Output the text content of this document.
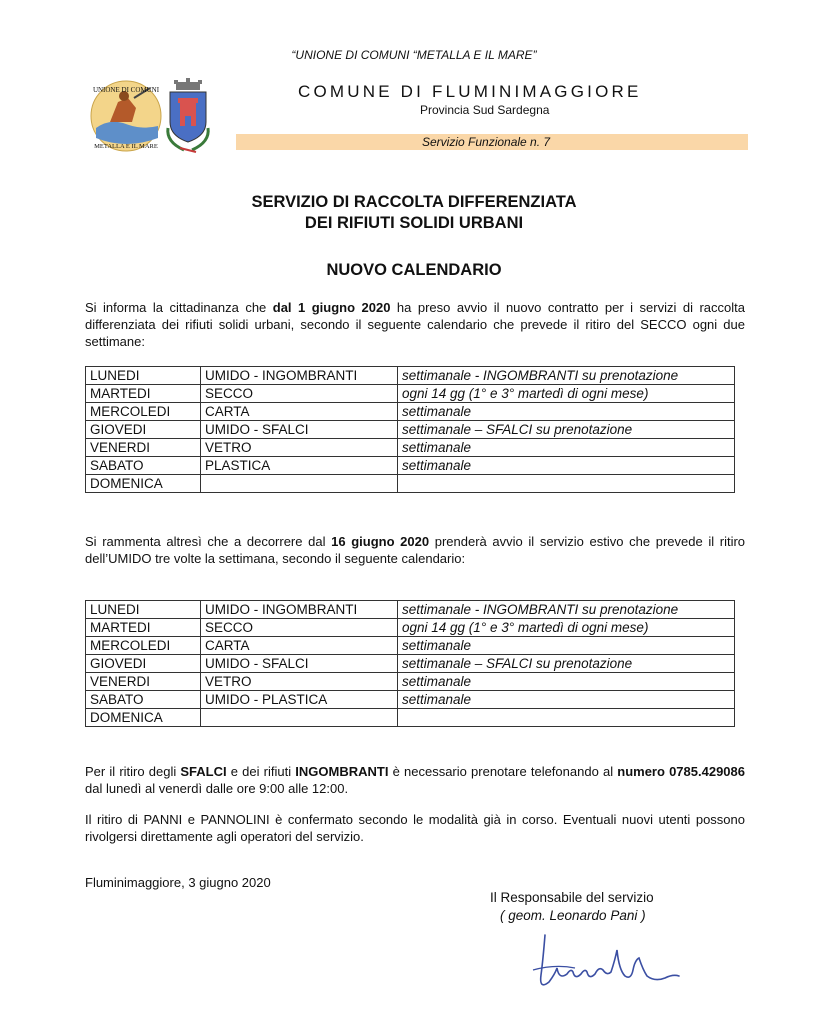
“UNIONE DI COMUNI “METALLA E IL MARE”
UNIONE DI COMUNI
METALLA E IL MARE
COMUNE DI FLUMINIMAGGIORE
Provincia Sud Sardegna
Servizio Funzionale n. 7
SERVIZIO DI RACCOLTA DIFFERENZIATA
DEI RIFIUTI SOLIDI URBANI
NUOVO CALENDARIO
Si informa la cittadinanza che dal 1 giugno 2020 ha preso avvio il nuovo contratto per i servizi di raccolta differenziata dei rifiuti solidi urbani, secondo il seguente calendario che prevede il ritiro del SECCO ogni due settimane:
LUNEDI	UMIDO - INGOMBRANTI	settimanale - INGOMBRANTI su prenotazione
MARTEDI	SECCO	ogni 14 gg (1° e 3° martedì di ogni mese)
MERCOLEDI	CARTA	settimanale
GIOVEDI	UMIDO - SFALCI	settimanale – SFALCI su prenotazione
VENERDI	VETRO	settimanale
SABATO	PLASTICA	settimanale
DOMENICA		
Si rammenta altresì che a decorrere dal 16 giugno 2020 prenderà avvio il servizio estivo che prevede il ritiro dell’UMIDO tre volte la settimana, secondo il seguente calendario:
LUNEDI	UMIDO - INGOMBRANTI	settimanale - INGOMBRANTI su prenotazione
MARTEDI	SECCO	ogni 14 gg (1° e 3° martedì di ogni mese)
MERCOLEDI	CARTA	settimanale
GIOVEDI	UMIDO - SFALCI	settimanale – SFALCI su prenotazione
VENERDI	VETRO	settimanale
SABATO	UMIDO - PLASTICA	settimanale
DOMENICA		
Per il ritiro degli SFALCI e dei rifiuti INGOMBRANTI è necessario prenotare telefonando al numero 0785.429086 dal lunedì al venerdì dalle ore 9:00 alle 12:00.
Il ritiro di PANNI e PANNOLINI è confermato secondo le modalità già in corso. Eventuali nuovi utenti possono rivolgersi direttamente agli operatori del servizio.
Fluminimaggiore, 3 giugno 2020
Il Responsabile del servizio
( geom. Leonardo Pani )
